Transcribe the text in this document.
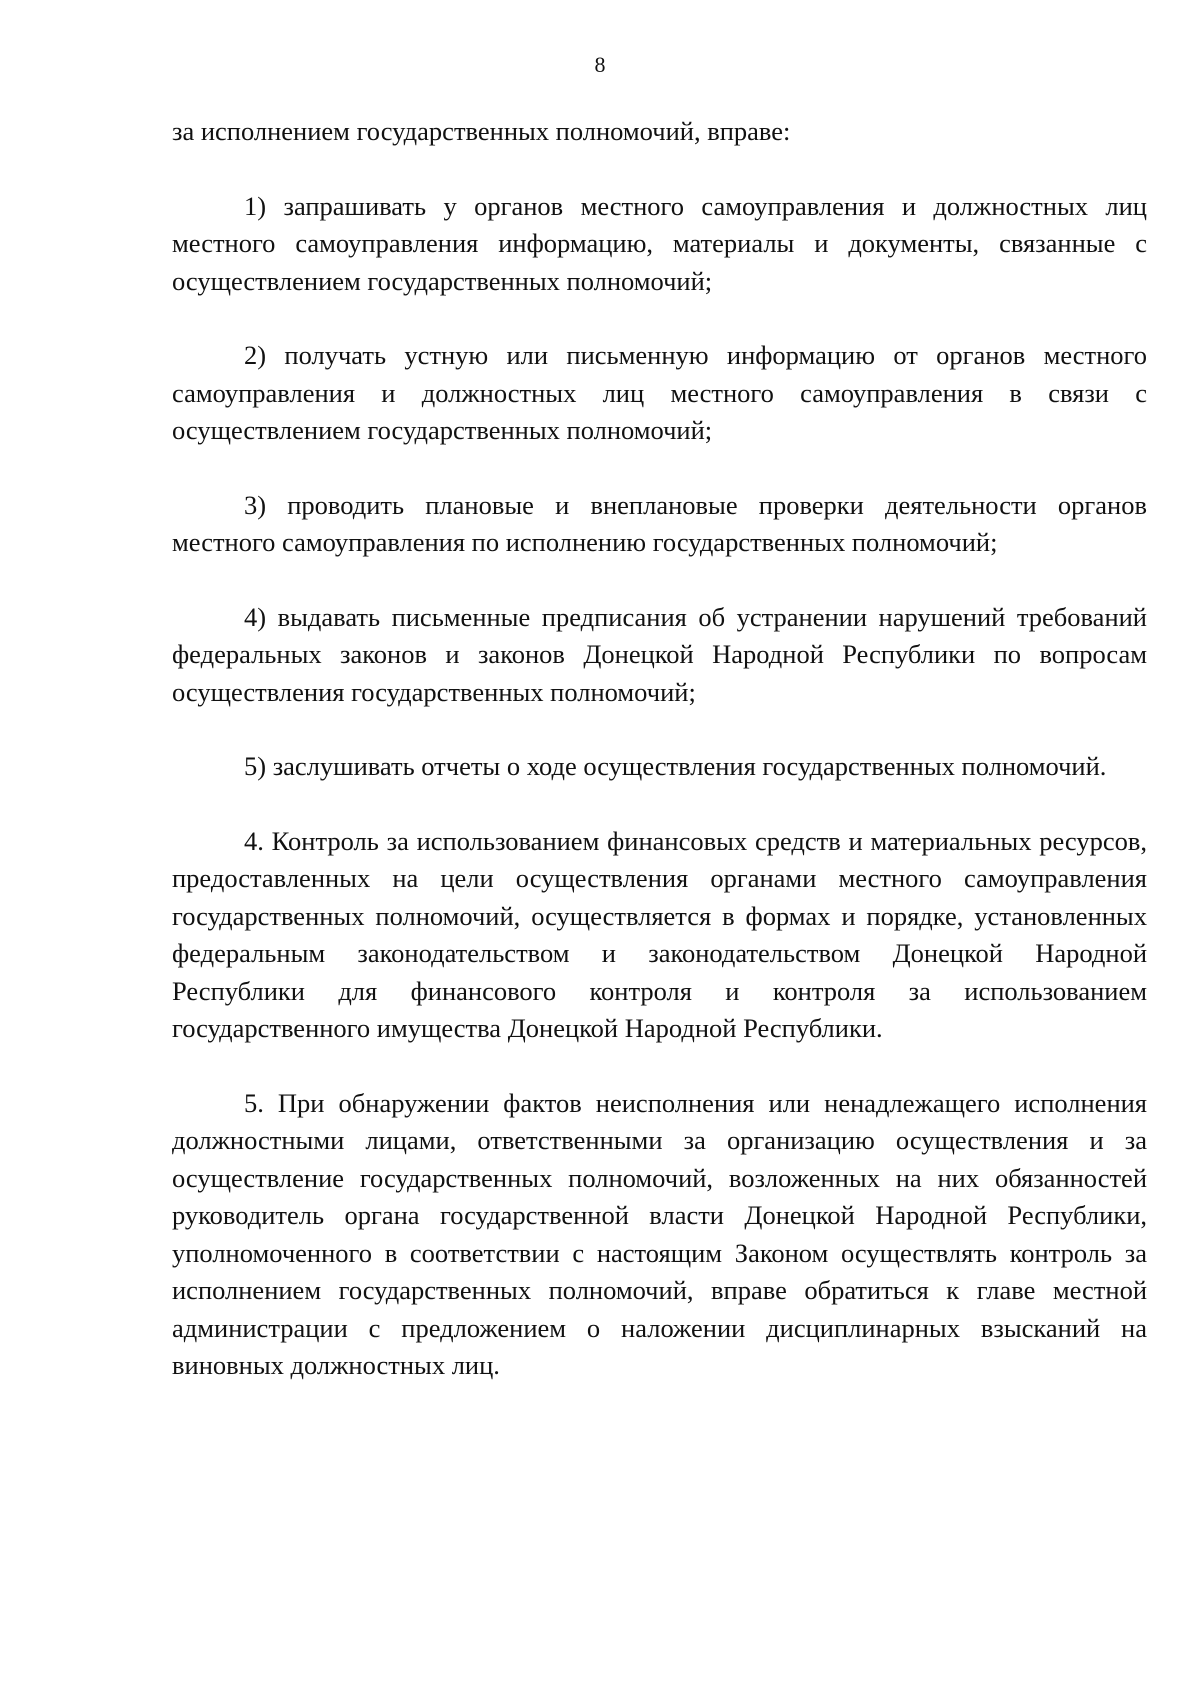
8

за исполнением государственных полномочий, вправе:

1) запрашивать у органов местного самоуправления и должностных лиц местного самоуправления информацию, материалы и документы, связанные с осуществлением государственных полномочий;

2) получать устную или письменную информацию от органов местного самоуправления и должностных лиц местного самоуправления в связи с осуществлением государственных полномочий;

3) проводить плановые и внеплановые проверки деятельности органов местного самоуправления по исполнению государственных полномочий;

4) выдавать письменные предписания об устранении нарушений требований федеральных законов и законов Донецкой Народной Республики по вопросам осуществления государственных полномочий;

5) заслушивать отчеты о ходе осуществления государственных полномочий.

4. Контроль за использованием финансовых средств и материальных ресурсов, предоставленных на цели осуществления органами местного самоуправления государственных полномочий, осуществляется в формах и порядке, установленных федеральным законодательством и законодательством Донецкой Народной Республики для финансового контроля и контроля за использованием государственного имущества Донецкой Народной Республики.

5. При обнаружении фактов неисполнения или ненадлежащего исполнения должностными лицами, ответственными за организацию осуществления и за осуществление государственных полномочий, возложенных на них обязанностей руководитель органа государственной власти Донецкой Народной Республики, уполномоченного в соответствии с настоящим Законом осуществлять контроль за исполнением государственных полномочий, вправе обратиться к главе местной администрации с предложением о наложении дисциплинарных взысканий на виновных должностных лиц.
